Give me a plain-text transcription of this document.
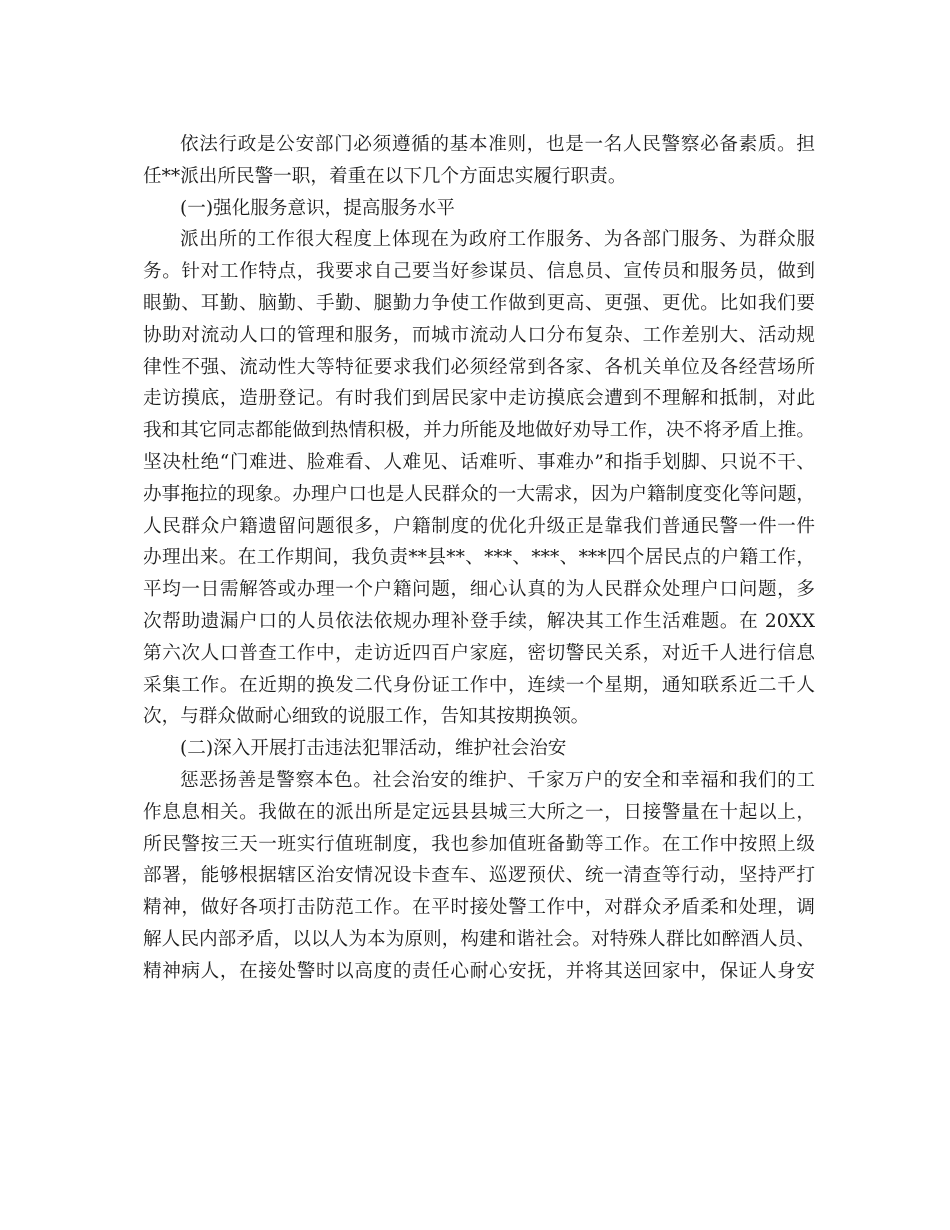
依法行政是公安部门必须遵循的基本准则，也是一名人民警察必备素质。担
任**派出所民警一职，着重在以下几个方面忠实履行职责。
(一)强化服务意识，提高服务水平
派出所的工作很大程度上体现在为政府工作服务、为各部门服务、为群众服
务。针对工作特点，我要求自己要当好参谋员、信息员、宣传员和服务员，做到
眼勤、耳勤、脑勤、手勤、腿勤力争使工作做到更高、更强、更优。比如我们要
协助对流动人口的管理和服务，而城市流动人口分布复杂、工作差别大、活动规
律性不强、流动性大等特征要求我们必须经常到各家、各机关单位及各经营场所
走访摸底，造册登记。有时我们到居民家中走访摸底会遭到不理解和抵制，对此
我和其它同志都能做到热情积极，并力所能及地做好劝导工作，决不将矛盾上推。
坚决杜绝“门难进、脸难看、人难见、话难听、事难办”和指手划脚、只说不干、
办事拖拉的现象。办理户口也是人民群众的一大需求，因为户籍制度变化等问题，
人民群众户籍遗留问题很多，户籍制度的优化升级正是靠我们普通民警一件一件
办理出来。在工作期间，我负责**县**、***、***、***四个居民点的户籍工作，
平均一日需解答或办理一个户籍问题，细心认真的为人民群众处理户口问题，多
次帮助遗漏户口的人员依法依规办理补登手续，解决其工作生活难题。在 20XX
第六次人口普查工作中，走访近四百户家庭，密切警民关系，对近千人进行信息
采集工作。在近期的换发二代身份证工作中，连续一个星期，通知联系近二千人
次，与群众做耐心细致的说服工作，告知其按期换领。
(二)深入开展打击违法犯罪活动，维护社会治安
惩恶扬善是警察本色。社会治安的维护、千家万户的安全和幸福和我们的工
作息息相关。我做在的派出所是定远县县城三大所之一，日接警量在十起以上，
所民警按三天一班实行值班制度，我也参加值班备勤等工作。在工作中按照上级
部署，能够根据辖区治安情况设卡查车、巡逻预伏、统一清查等行动，坚持严打
精神，做好各项打击防范工作。在平时接处警工作中，对群众矛盾柔和处理，调
解人民内部矛盾，以以人为本为原则，构建和谐社会。对特殊人群比如醉酒人员、
精神病人，在接处警时以高度的责任心耐心安抚，并将其送回家中，保证人身安
